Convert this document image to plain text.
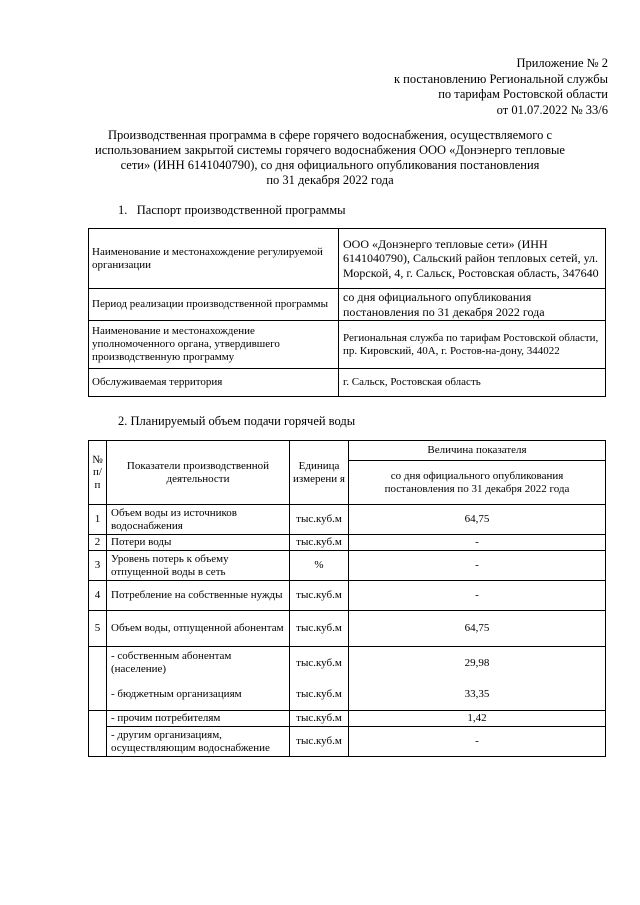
Приложение № 2
к постановлению Региональной службы
по тарифам Ростовской области
от 01.07.2022 № 33/6
Производственная программа в сфере горячего водоснабжения, осуществляемого с
использованием закрытой системы горячего водоснабжения ООО «Донэнерго тепловые
сети» (ИНН 6141040790), со дня официального опубликования постановления
по 31 декабря 2022 года
1.   Паспорт производственной программы
Наименование и местонахождение регулируемой организации	ООО «Донэнерго тепловые сети» (ИНН 6141040790), Сальский район тепловых сетей, ул. Морской, 4, г. Сальск, Ростовская область, 347640
Период реализации производственной программы	со дня официального опубликования постановления по 31 декабря 2022 года
Наименование и местонахождение уполномоченного органа, утвердившего производственную программу	Региональная служба по тарифам Ростовской области, пр. Кировский, 40А, г. Ростов-на-дону, 344022
Обслуживаемая территория	г. Сальск, Ростовская область
2. Планируемый объем подачи горячей воды
№ п/ п	Показатели производственной деятельности	Единица измерени я	Величина показателя
			со дня официального опубликования постановления по 31 декабря 2022 года
1	Объем воды из источников водоснабжения	тыс.куб.м	64,75
2	Потери воды	тыс.куб.м	-
3	Уровень потерь к объему отпущенной воды в сеть	%	-
4	Потребление на собственные нужды	тыс.куб.м	-
5	Объем воды, отпущенной абонентам	тыс.куб.м	64,75
	- собственным абонентам (население)	тыс.куб.м	29,98
	- бюджетным организациям	тыс.куб.м	33,35
	- прочим потребителям	тыс.куб.м	1,42
	- другим организациям, осуществляющим водоснабжение	тыс.куб.м	-
